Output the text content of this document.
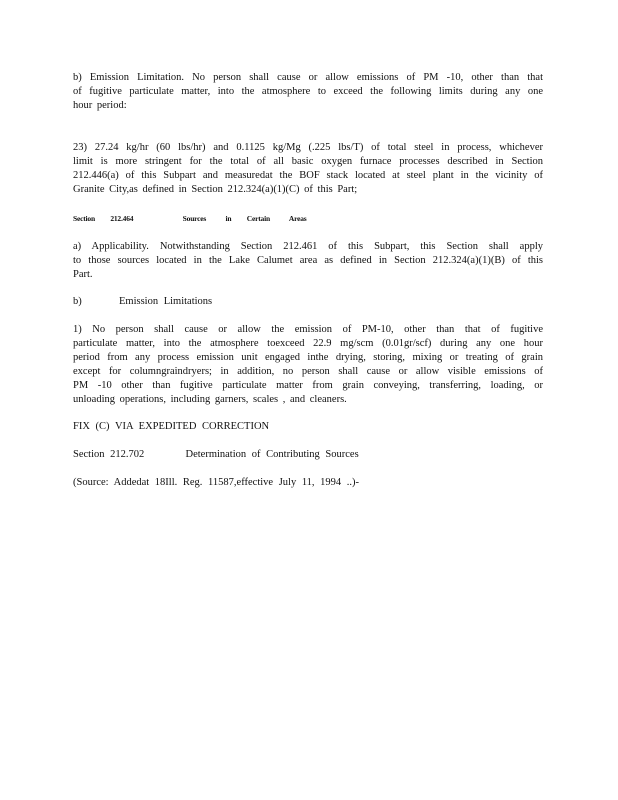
b) Emission Limitation. No person shall cause or allow emissions of PM -10, other than that
of fugitive particulate matter, into the atmosphere to exceed the following limits during any one
hour period:
23) 27.24 kg/hr (60 lbs/hr) and 0.1125 kg/Mg (.225 lbs/T) of total steel in process, whichever
limit is more stringent for the total of all basic oxygen furnace processes described in Section
212.446(a) of this Subpart and measuredat the BOF stack located at steel plant in the vicinity of
Granite City,as defined in Section 212.324(a)(1)(C) of this Part;
Section 212.464	Sources	in Certain	Areas
a) Applicability. Notwithstanding Section 212.461 of this Subpart, this Section shall apply
to those sources located in the Lake Calumet area as defined in Section 212.324(a)(1)(B) of this
Part.
b)	Emission Limitations
1) No person shall cause or allow the emission of PM-10, other than that of fugitive
particulate matter, into the atmosphere toexceed 22.9 mg/scm (0.01gr/scf) during any one hour
period from any process emission unit engaged inthe drying, storing, mixing or treating of grain
except for columngraindryers; in addition, no person shall cause or allow visible emissions of
PM -10 other than fugitive particulate matter from grain conveying, transferring, loading, or
unloading operations, including garners, scales , and cleaners.
FIX (C) VIA EXPEDITED CORRECTION
Section 212.702	Determination of Contributing Sources
(Source: Addedat 18Ill. Reg. 11587,effective July 11, 1994 ..)-
